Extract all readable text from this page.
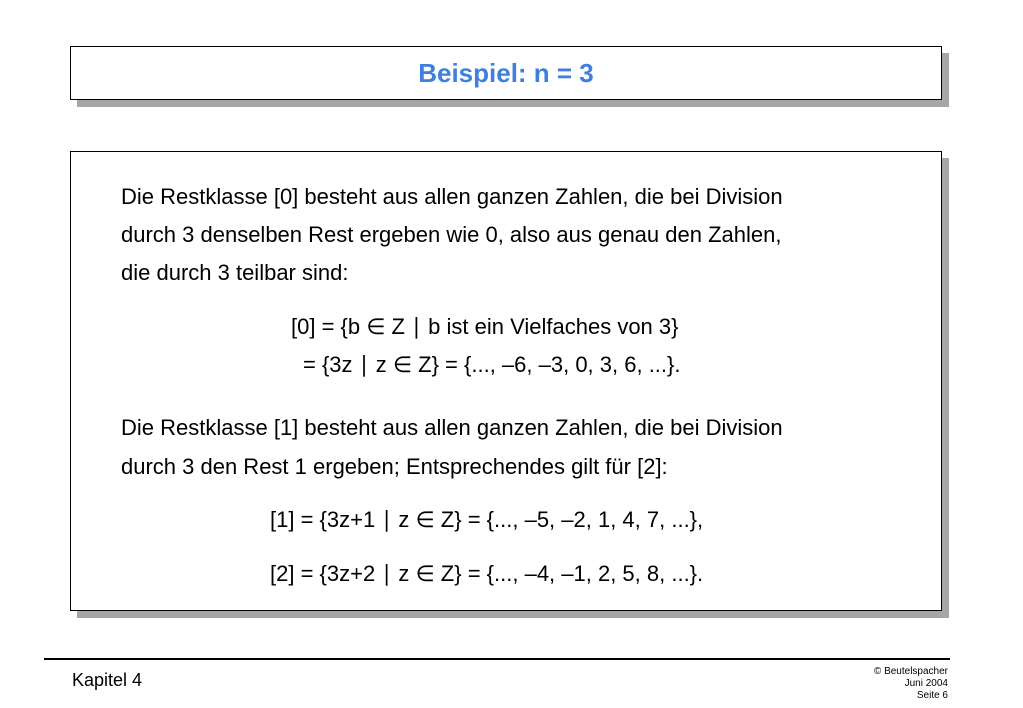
Beispiel: n = 3
Die Restklasse [0] besteht aus allen ganzen Zahlen, die bei Division
durch 3 denselben Rest ergeben wie 0, also aus genau den Zahlen,
die durch 3 teilbar sind:
[0] = {b ∈ Z ∣ b ist ein Vielfaches von 3}
= {3z ∣ z ∈ Z} = {..., –6, –3, 0, 3, 6, ...}.
Die Restklasse [1] besteht aus allen ganzen Zahlen, die bei Division
durch 3 den Rest 1 ergeben; Entsprechendes gilt für [2]:
[1] = {3z+1 ∣ z ∈ Z} = {..., –5, –2, 1, 4, 7, ...},
[2] = {3z+2 ∣ z ∈ Z} = {..., –4, –1, 2, 5, 8, ...}.
Kapitel 4	© Beutelspacher
Juni 2004
Seite 6
